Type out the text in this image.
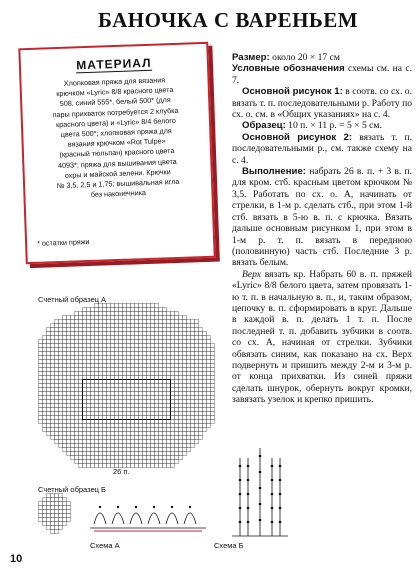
БАНОЧКА С ВАРЕНЬЕМ
МАТЕРИАЛ
Хлопковая пряжа для вязания
крючком «Lyric» 8/8 красного цвета
508, синий 555*, белый 500* (для
пары прихваток потребуется 2 клубка
красного цвета) и «Lyric» 8/4 белого
цвета 500*; хлопковая пряжа для
вязания крючком «Rot Tulpe»
(красный тюльпан) красного цвета
4093*; пряжа для вышивания цвета
охры и майской зелени. Крючки
№ 3,5, 2,5 и 1,75; вышивальная игла
без наконечника
* остатки пряжи

Размер: около 20 × 17 см

Условные обозначения схемы см. на с. 7.

Основной рисунок 1: в соотв. со сх. о. вязать т. п. последовательными р. Работу по сх. о. см. в «Общих указаниях» на с. 4.

Образец: 10 п. × 11 р. = 5 × 5 см.

Основной рисунок 2: вязать т. п. последовательными р., см. также схему на с. 4.

Выполнение: набрать 26 в. п. + 3 в. п. для кром. стб. красным цветом крючком № 3,5. Работать по сх. о. А, начинать от стрелки, в 1-м р. сделать стб., при этом 1-й стб. вязать в 5-ю в. п. с крючка. Вязать дальше основным рисунком 1, при этом в 1-м р. т. п. вязать в переднюю (половинную) часть стб. Последние 3 р. вязать белым.

Верх вязать кр. Набрать 60 в. п. пряжей «Lyric» 8/8 белого цвета, затем провязать 1-ю т. п. в начальную в. п., и, таким образом, цепочку в. п. сформировать в круг. Дальше в каждой в. п. делать 1 т. п. После последней т. п. добавить зубчики в соотв. со сх. А, начиная от стрелки. Зубчики обвязать синим, как показано на сх. Верх подвернуть и пришить между 2-м и 3-м р. от конца прихватки. Из синей пряжи сделать шнурок, обернуть вокруг кромки, завязать узелок и крепко пришить.

Счетный образец А
26 п.
Счетный образец Б
Схема А	Схема Б
10
